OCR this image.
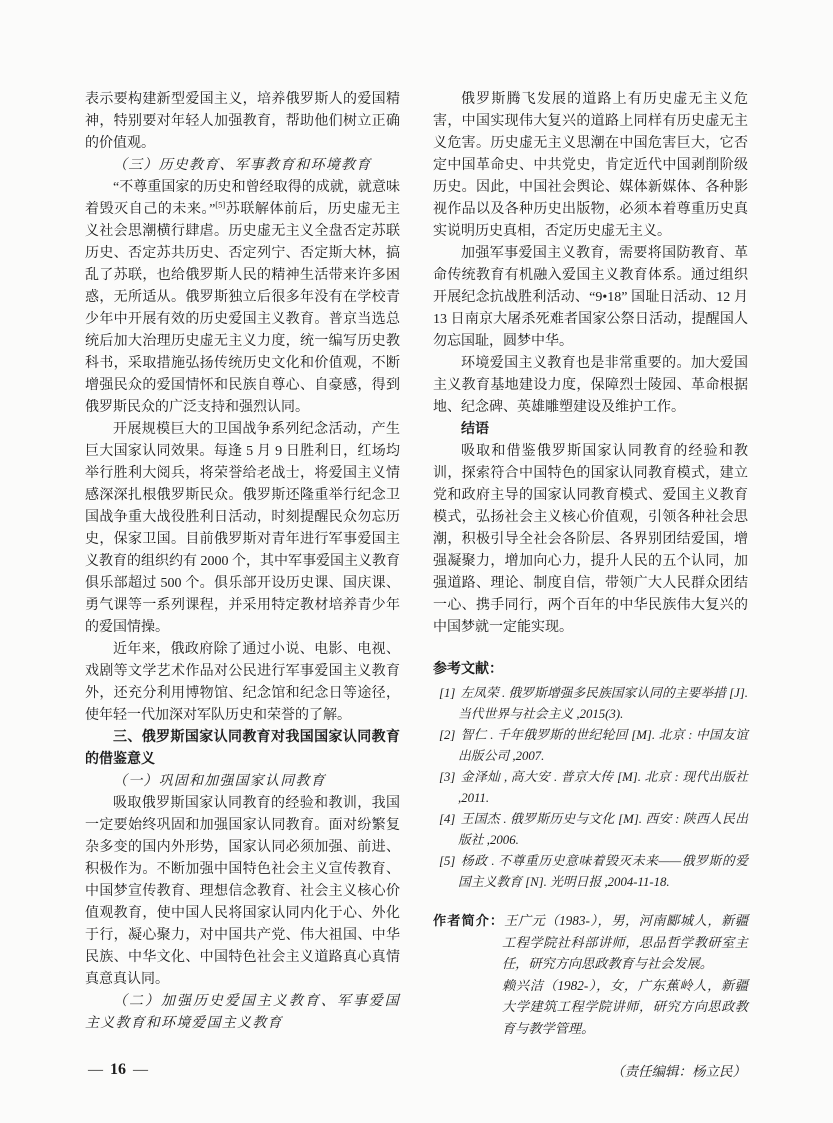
表示要构建新型爱国主义，培养俄罗斯人的爱国精神，特别要对年轻人加强教育，帮助他们树立正确的价值观。

（三）历史教育、军事教育和环境教育

“不尊重国家的历史和曾经取得的成就，就意味着毁灭自己的未来。”[5]苏联解体前后，历史虚无主义社会思潮横行肆虐。历史虚无主义全盘否定苏联历史、否定苏共历史、否定列宁、否定斯大林，搞乱了苏联，也给俄罗斯人民的精神生活带来许多困惑，无所适从。俄罗斯独立后很多年没有在学校青少年中开展有效的历史爱国主义教育。普京当选总统后加大治理历史虚无主义力度，统一编写历史教科书，采取措施弘扬传统历史文化和价值观，不断增强民众的爱国情怀和民族自尊心、自豪感，得到俄罗斯民众的广泛支持和强烈认同。

开展规模巨大的卫国战争系列纪念活动，产生巨大国家认同效果。每逢 5 月 9 日胜利日，红场均举行胜利大阅兵，将荣誉给老战士，将爱国主义情感深深扎根俄罗斯民众。俄罗斯还隆重举行纪念卫国战争重大战役胜利日活动，时刻提醒民众勿忘历史，保家卫国。目前俄罗斯对青年进行军事爱国主义教育的组织约有 2000 个，其中军事爱国主义教育俱乐部超过 500 个。俱乐部开设历史课、国庆课、勇气课等一系列课程，并采用特定教材培养青少年的爱国情操。

近年来，俄政府除了通过小说、电影、电视、戏剧等文学艺术作品对公民进行军事爱国主义教育外，还充分利用博物馆、纪念馆和纪念日等途径，使年轻一代加深对军队历史和荣誉的了解。

三、俄罗斯国家认同教育对我国国家认同教育的借鉴意义

（一）巩固和加强国家认同教育

吸取俄罗斯国家认同教育的经验和教训，我国一定要始终巩固和加强国家认同教育。面对纷繁复杂多变的国内外形势，国家认同必须加强、前进、积极作为。不断加强中国特色社会主义宣传教育、中国梦宣传教育、理想信念教育、社会主义核心价值观教育，使中国人民将国家认同内化于心、外化于行，凝心聚力，对中国共产党、伟大祖国、中华民族、中华文化、中国特色社会主义道路真心真情真意真认同。

（二）加强历史爱国主义教育、军事爱国主义教育和环境爱国主义教育

俄罗斯腾飞发展的道路上有历史虚无主义危害，中国实现伟大复兴的道路上同样有历史虚无主义危害。历史虚无主义思潮在中国危害巨大，它否定中国革命史、中共党史，肯定近代中国剥削阶级历史。因此，中国社会舆论、媒体新媒体、各种影视作品以及各种历史出版物，必须本着尊重历史真实说明历史真相，否定历史虚无主义。

加强军事爱国主义教育，需要将国防教育、革命传统教育有机融入爱国主义教育体系。通过组织开展纪念抗战胜利活动、“9•18” 国耻日活动、12 月 13 日南京大屠杀死难者国家公祭日活动，提醒国人勿忘国耻，圆梦中华。

环境爱国主义教育也是非常重要的。加大爱国主义教育基地建设力度，保障烈士陵园、革命根据地、纪念碑、英雄雕塑建设及维护工作。

结语

吸取和借鉴俄罗斯国家认同教育的经验和教训，探索符合中国特色的国家认同教育模式，建立党和政府主导的国家认同教育模式、爱国主义教育模式，弘扬社会主义核心价值观，引领各种社会思潮，积极引导全社会各阶层、各界别团结爱国，增强凝聚力，增加向心力，提升人民的五个认同，加强道路、理论、制度自信，带领广大人民群众团结一心、携手同行，两个百年的中华民族伟大复兴的中国梦就一定能实现。

参考文献：

[1] 左凤荣 . 俄罗斯增强多民族国家认同的主要举措 [J]. 当代世界与社会主义 ,2015(3).
[2] 智仁 . 千年俄罗斯的世纪轮回 [M]. 北京 : 中国友谊出版公司 ,2007.
[3] 金泽灿 , 高大安 . 普京大传 [M]. 北京 : 现代出版社 ,2011.
[4] 王国杰 . 俄罗斯历史与文化 [M]. 西安 : 陕西人民出版社 ,2006.
[5] 杨政 . 不尊重历史意味着毁灭未来——俄罗斯的爱国主义教育 [N]. 光明日报 ,2004-11-18.
作者简介：王广元（1983-），男，河南郾城人，新疆工程学院社科部讲师，思品哲学教研室主任，研究方向思政教育与社会发展。
赖兴洁（1982-），女，广东蕉岭人，新疆大学建筑工程学院讲师，研究方向思政教育与教学管理。
（责任编辑：杨立民）
— 16 —
